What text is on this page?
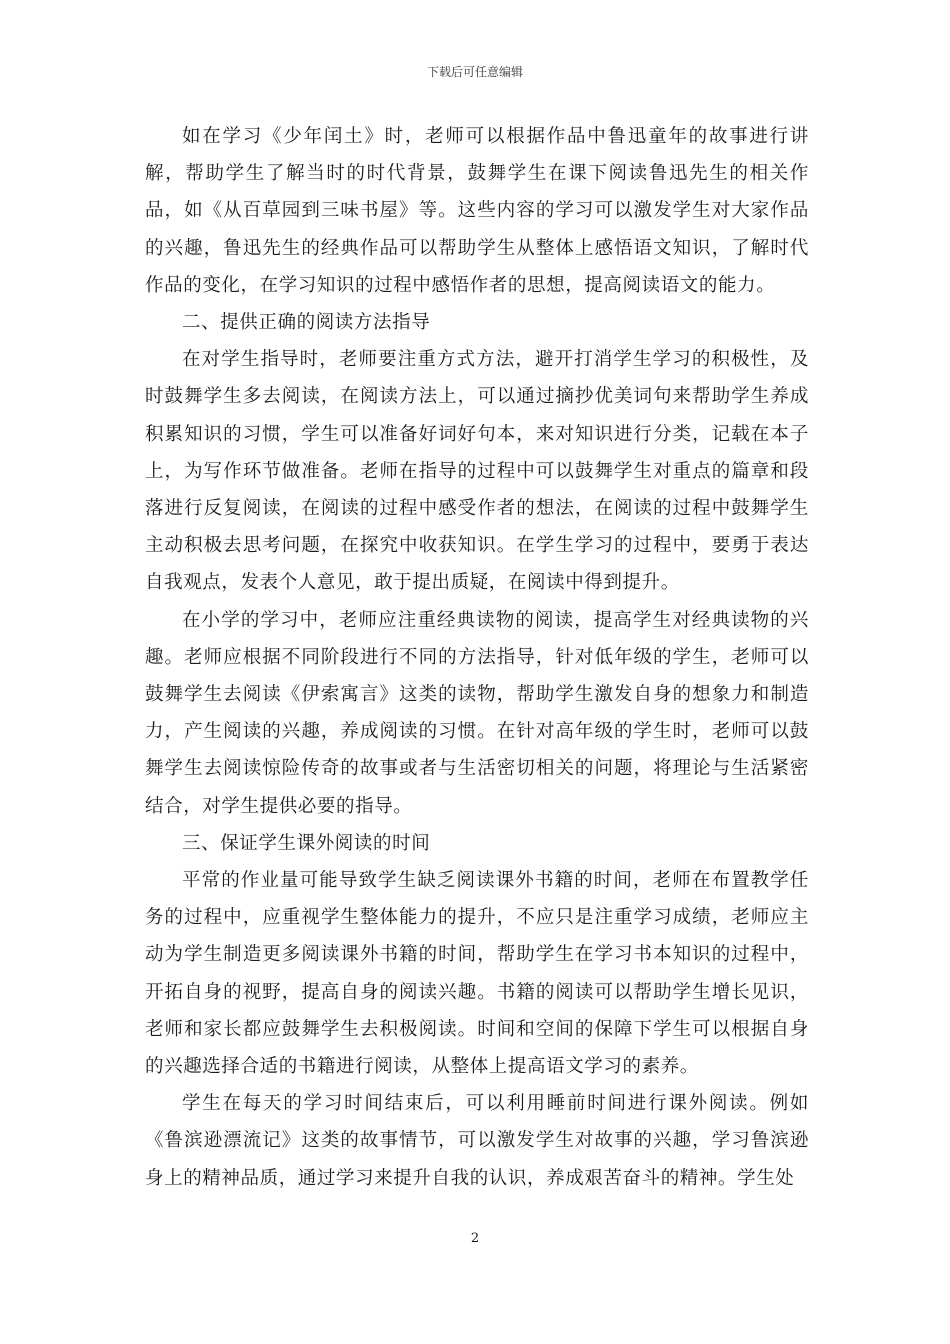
下载后可任意编辑

如在学习《少年闰土》时，老师可以根据作品中鲁迅童年的故事进行讲解，帮助学生了解当时的时代背景，鼓舞学生在课下阅读鲁迅先生的相关作品，如《从百草园到三味书屋》等。这些内容的学习可以激发学生对大家作品的兴趣，鲁迅先生的经典作品可以帮助学生从整体上感悟语文知识，了解时代作品的变化，在学习知识的过程中感悟作者的思想，提高阅读语文的能力。

二、提供正确的阅读方法指导

在对学生指导时，老师要注重方式方法，避开打消学生学习的积极性，及时鼓舞学生多去阅读，在阅读方法上，可以通过摘抄优美词句来帮助学生养成积累知识的习惯，学生可以准备好词好句本，来对知识进行分类，记载在本子上，为写作环节做准备。老师在指导的过程中可以鼓舞学生对重点的篇章和段落进行反复阅读，在阅读的过程中感受作者的想法，在阅读的过程中鼓舞学生主动积极去思考问题，在探究中收获知识。在学生学习的过程中，要勇于表达自我观点，发表个人意见，敢于提出质疑，在阅读中得到提升。

在小学的学习中，老师应注重经典读物的阅读，提高学生对经典读物的兴趣。老师应根据不同阶段进行不同的方法指导，针对低年级的学生，老师可以鼓舞学生去阅读《伊索寓言》这类的读物，帮助学生激发自身的想象力和制造力，产生阅读的兴趣，养成阅读的习惯。在针对高年级的学生时，老师可以鼓舞学生去阅读惊险传奇的故事或者与生活密切相关的问题，将理论与生活紧密结合，对学生提供必要的指导。

三、保证学生课外阅读的时间

平常的作业量可能导致学生缺乏阅读课外书籍的时间，老师在布置教学任务的过程中，应重视学生整体能力的提升，不应只是注重学习成绩，老师应主动为学生制造更多阅读课外书籍的时间，帮助学生在学习书本知识的过程中，开拓自身的视野，提高自身的阅读兴趣。书籍的阅读可以帮助学生增长见识，老师和家长都应鼓舞学生去积极阅读。时间和空间的保障下学生可以根据自身的兴趣选择合适的书籍进行阅读，从整体上提高语文学习的素养。

学生在每天的学习时间结束后，可以利用睡前时间进行课外阅读。例如《鲁滨逊漂流记》这类的故事情节，可以激发学生对故事的兴趣，学习鲁滨逊身上的精神品质，通过学习来提升自我的认识，养成艰苦奋斗的精神。学生处

2
